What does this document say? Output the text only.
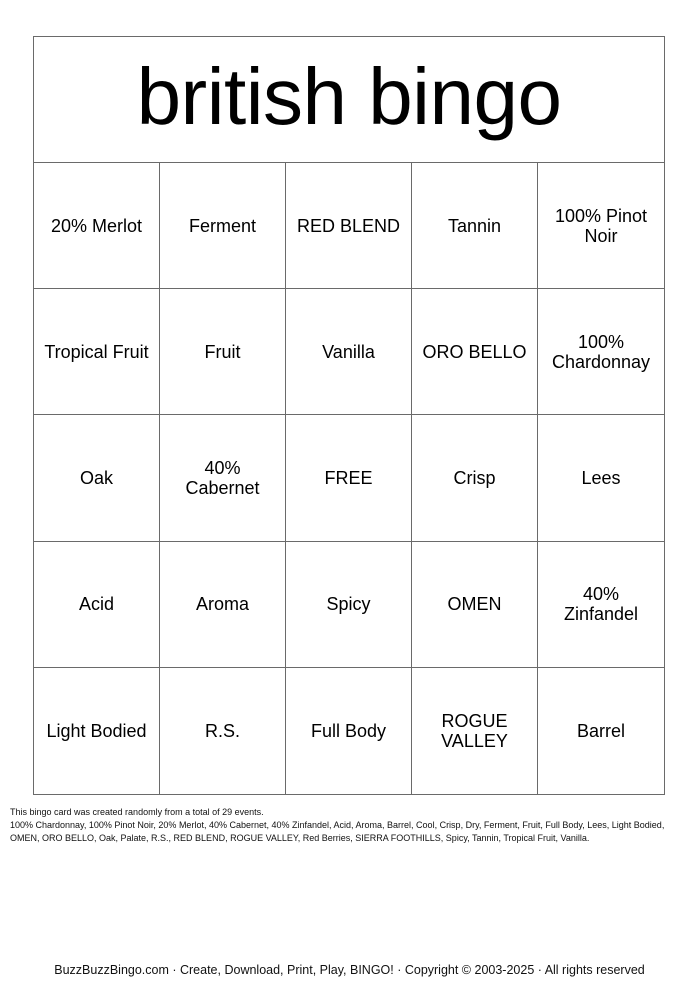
british bingo
20% Merlot	Ferment	RED BLEND	Tannin	100% Pinot Noir
Tropical Fruit	Fruit	Vanilla	ORO BELLO	100% Chardonnay
Oak	40% Cabernet	FREE	Crisp	Lees
Acid	Aroma	Spicy	OMEN	40% Zinfandel
Light Bodied	R.S.	Full Body	ROGUE VALLEY	Barrel
This bingo card was created randomly from a total of 29 events.
100% Chardonnay, 100% Pinot Noir, 20% Merlot, 40% Cabernet, 40% Zinfandel, Acid, Aroma, Barrel, Cool, Crisp, Dry, Ferment, Fruit, Full Body, Lees, Light Bodied, OMEN, ORO BELLO, Oak, Palate, R.S., RED BLEND, ROGUE VALLEY, Red Berries, SIERRA FOOTHILLS, Spicy, Tannin, Tropical Fruit, Vanilla.
BuzzBuzzBingo.com · Create, Download, Print, Play, BINGO! · Copyright © 2003-2025 · All rights reserved
